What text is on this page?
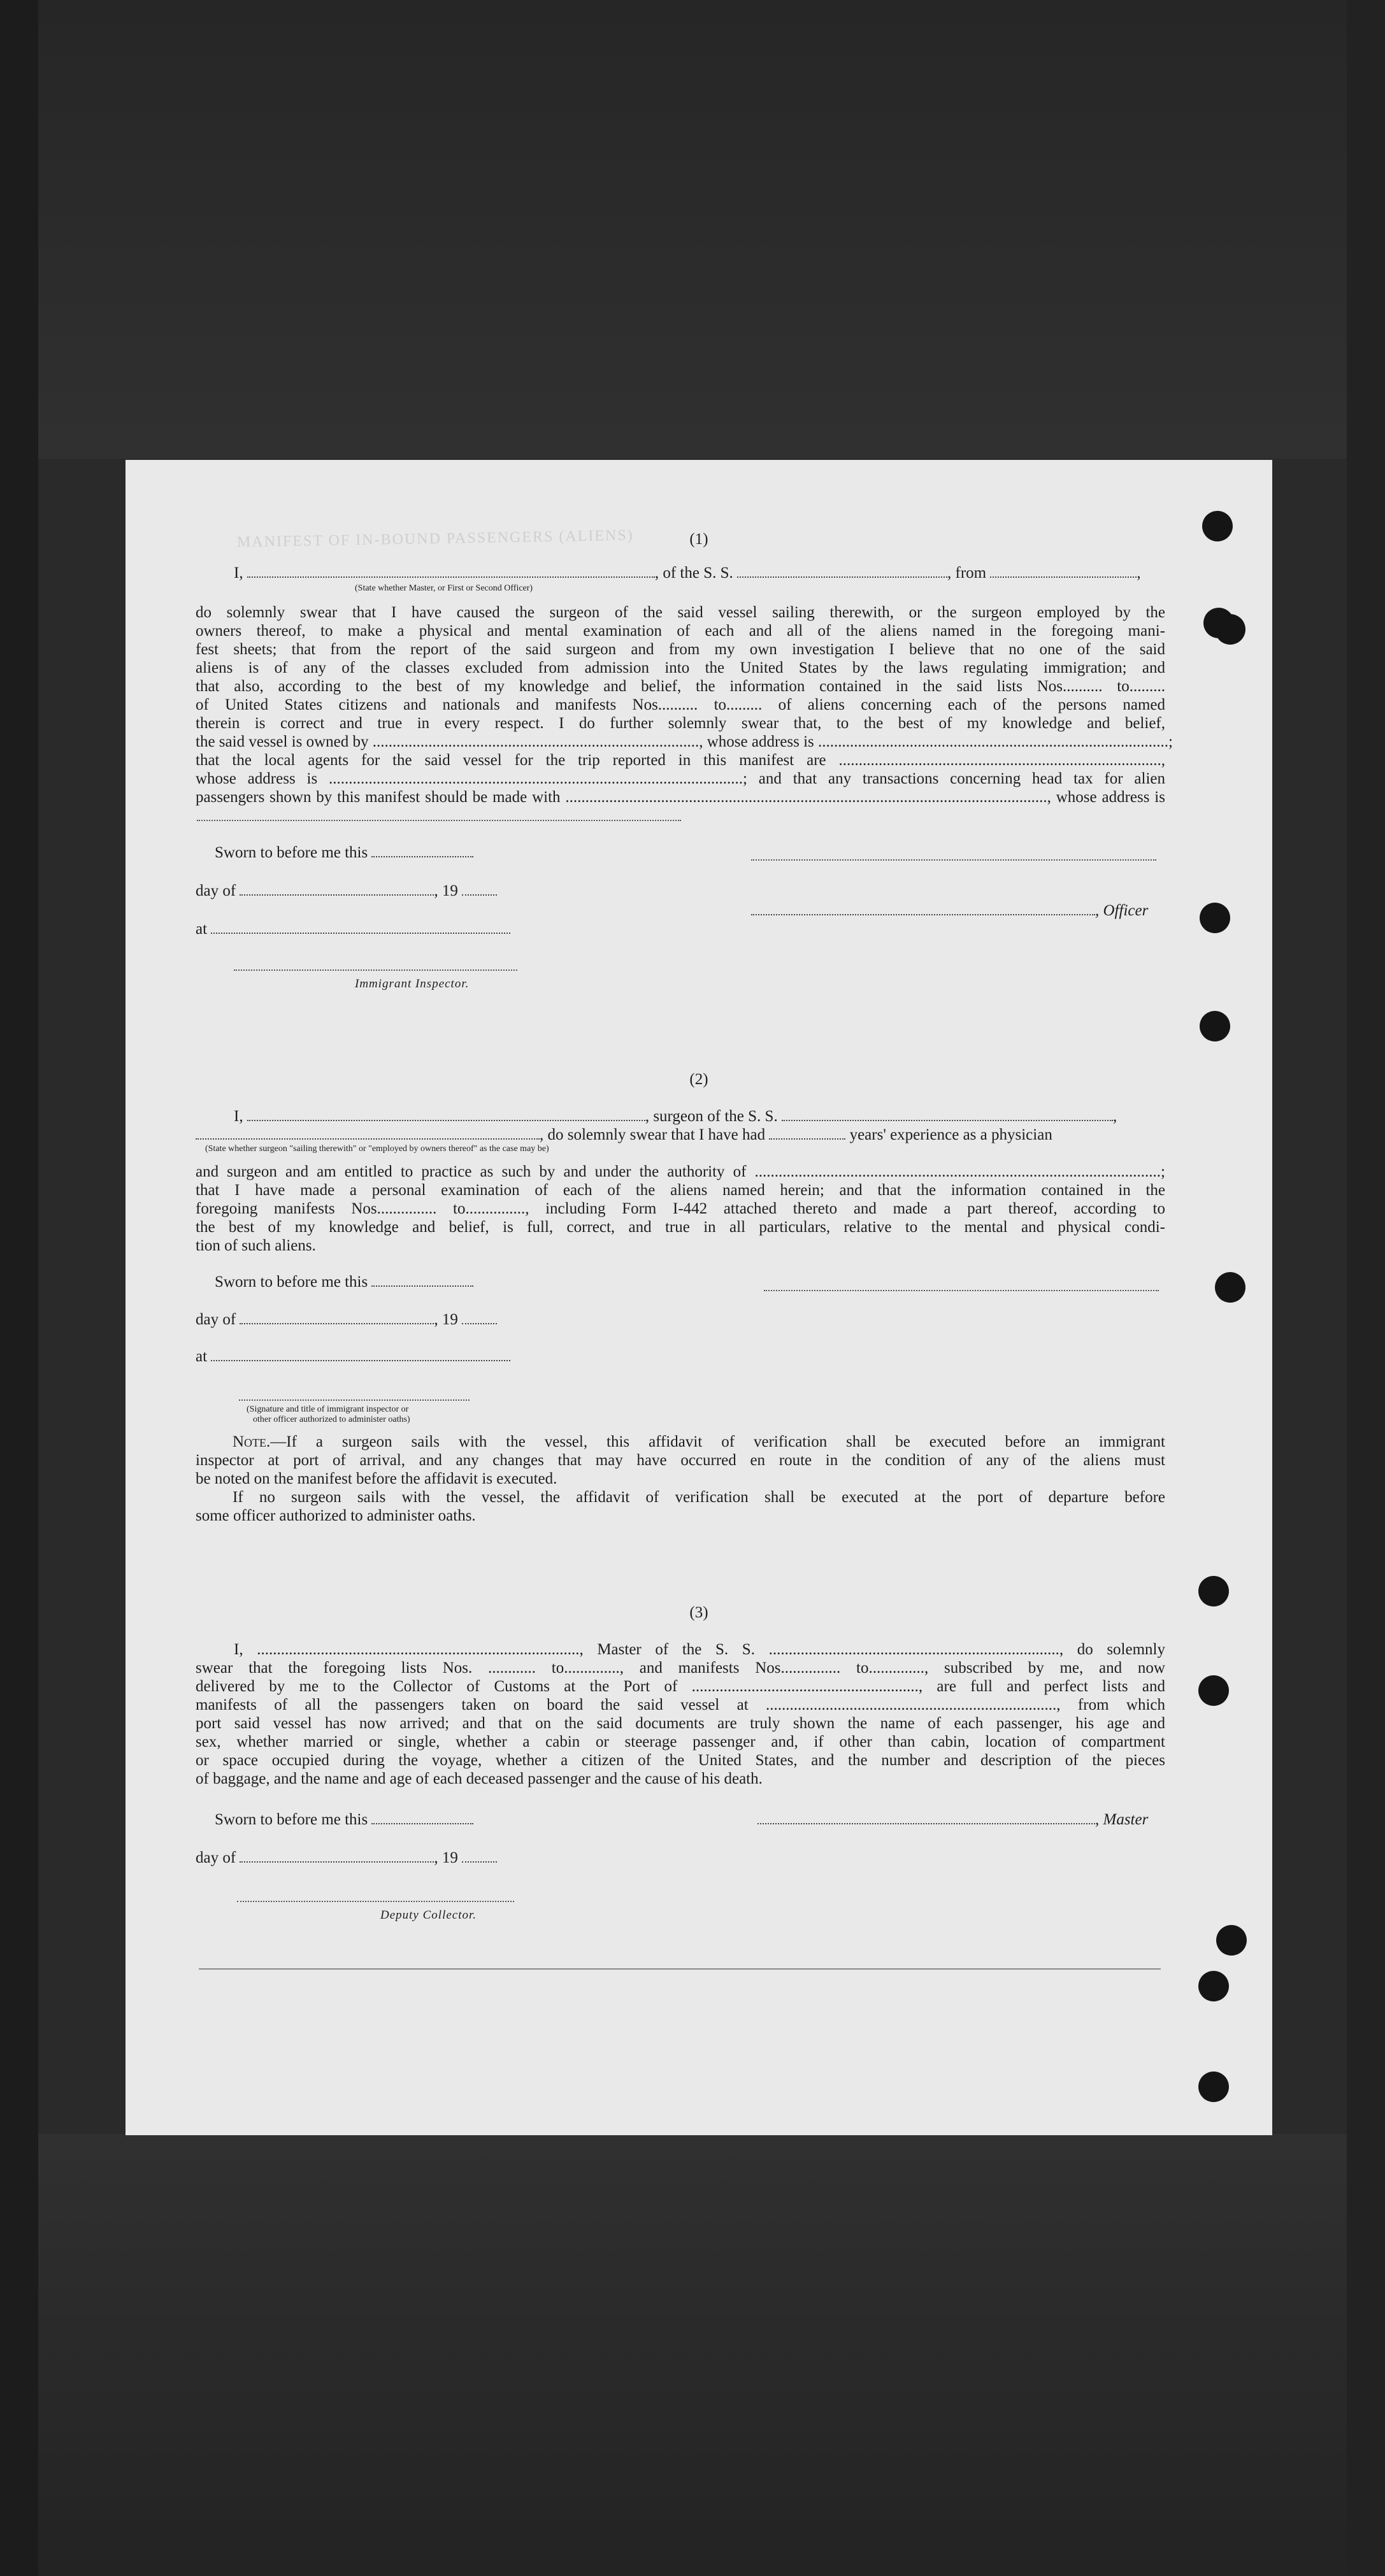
MANIFEST OF IN-BOUND PASSENGERS (ALIENS)	(1)
I,	, of the S. S.	, from	,
(State whether Master, or First or Second Officer)
do solemnly swear that I have caused the surgeon of the said vessel sailing therewith, or the surgeon employed by the
owners thereof, to make a physical and mental examination of each and all of the aliens named in the foregoing mani-
fest sheets; that from the report of the said surgeon and from my own investigation I believe that no one of the said
aliens is of any of the classes excluded from admission into the United States by the laws regulating immigration; and
that also, according to the best of my knowledge and belief, the information contained in the said lists Nos.......... to.........
of United States citizens and nationals and manifests Nos.......... to......... of aliens concerning each of the persons named
therein is correct and true in every respect. I do further solemnly swear that, to the best of my knowledge and belief,
the said vessel is owned by .................................................................................., whose address is ........................................................................................;
that the local agents for the said vessel for the trip reported in this manifest are .................................................................................,
whose address is ........................................................................................................; and that any transactions concerning head tax for alien
passengers shown by this manifest should be made with ........................................................................................................................., whose address is
Sworn to before me this
day of	, 19
, Officer
at
Immigrant Inspector.
(2)
I,	, surgeon of the S. S.	,
, do solemnly swear that I have had	years' experience as a physician
(State whether surgeon "sailing therewith" or "employed by owners thereof" as the case may be)
and surgeon and am entitled to practice as such by and under the authority of ......................................................................................................;
that I have made a personal examination of each of the aliens named herein; and that the information contained in the
foregoing manifests Nos............... to..............., including Form I-442 attached thereto and made a part thereof, according to
the best of my knowledge and belief, is full, correct, and true in all particulars, relative to the mental and physical condi-
tion of such aliens.
Sworn to before me this
day of	, 19
at
(Signature and title of immigrant inspector or
other officer authorized to administer oaths)
Note.—If a surgeon sails with the vessel, this affidavit of verification shall be executed before an immigrant
inspector at port of arrival, and any changes that may have occurred en route in the condition of any of the aliens must
be noted on the manifest before the affidavit is executed.
If no surgeon sails with the vessel, the affidavit of verification shall be executed at the port of departure before
some officer authorized to administer oaths.
(3)
I, ................................................................................., Master of the S. S. ........................................................................., do solemnly
swear that the foregoing lists Nos. ............ to.............., and manifests Nos............... to.............., subscribed by me, and now
delivered by me to the Collector of Customs at the Port of ........................................................., are full and perfect lists and
manifests of all the passengers taken on board the said vessel at ........................................................................., from which
port said vessel has now arrived; and that on the said documents are truly shown the name of each passenger, his age and
sex, whether married or single, whether a cabin or steerage passenger and, if other than cabin, location of compartment
or space occupied during the voyage, whether a citizen of the United States, and the number and description of the pieces
of baggage, and the name and age of each deceased passenger and the cause of his death.
Sworn to before me this	, Master
day of	, 19
Deputy Collector.
